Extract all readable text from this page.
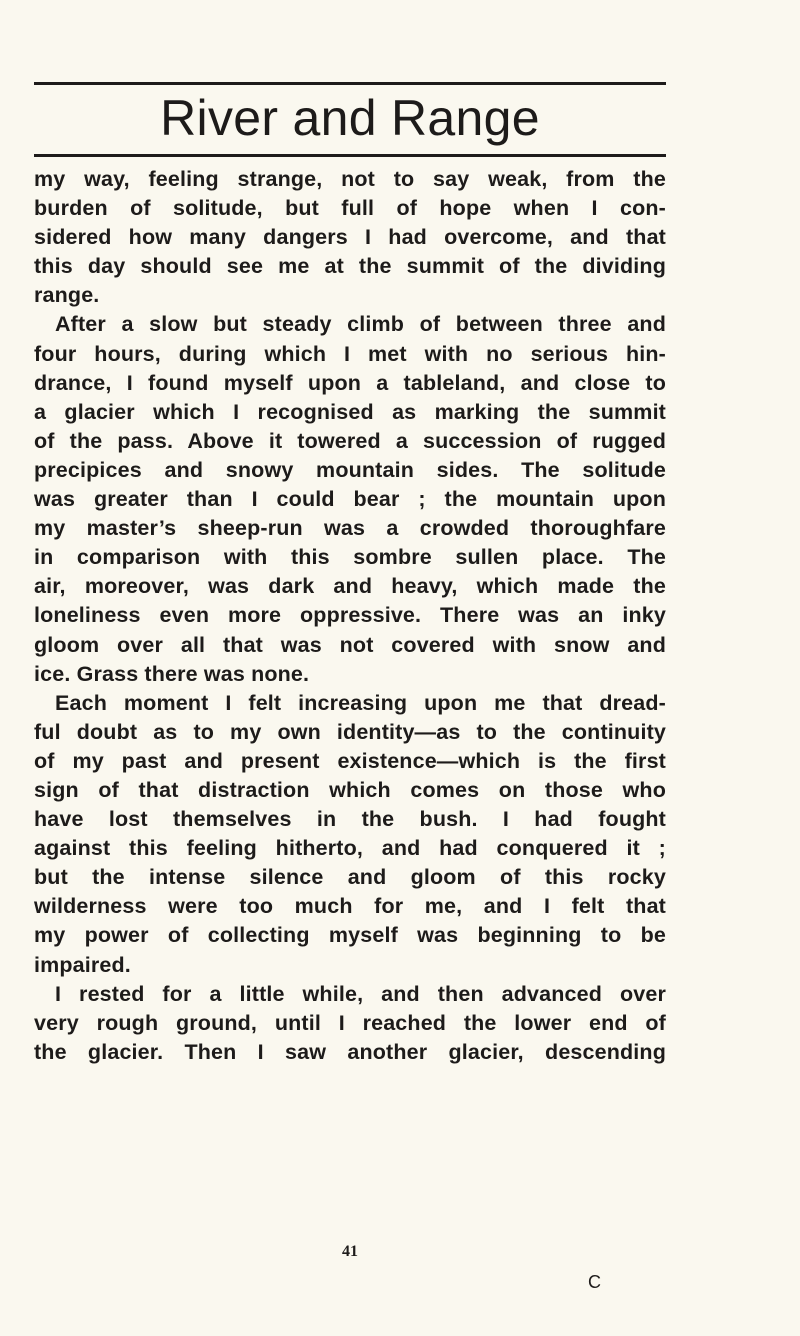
River and Range
my way, feeling strange, not to say weak, from the
burden of solitude, but full of hope when I con-
sidered how many dangers I had overcome, and that
this day should see me at the summit of the dividing
range.
After a slow but steady climb of between three and
four hours, during which I met with no serious hin-
drance, I found myself upon a tableland, and close to
a glacier which I recognised as marking the summit
of the pass. Above it towered a succession of rugged
precipices and snowy mountain sides. The solitude
was greater than I could bear ; the mountain upon
my master’s sheep-run was a crowded thoroughfare
in comparison with this sombre sullen place. The
air, moreover, was dark and heavy, which made the
loneliness even more oppressive. There was an inky
gloom over all that was not covered with snow and
ice. Grass there was none.
Each moment I felt increasing upon me that dread-
ful doubt as to my own identity—as to the continuity
of my past and present existence—which is the first
sign of that distraction which comes on those who
have lost themselves in the bush. I had fought
against this feeling hitherto, and had conquered it ;
but the intense silence and gloom of this rocky
wilderness were too much for me, and I felt that
my power of collecting myself was beginning to be
impaired.
I rested for a little while, and then advanced over
very rough ground, until I reached the lower end of
the glacier. Then I saw another glacier, descending
41
C
